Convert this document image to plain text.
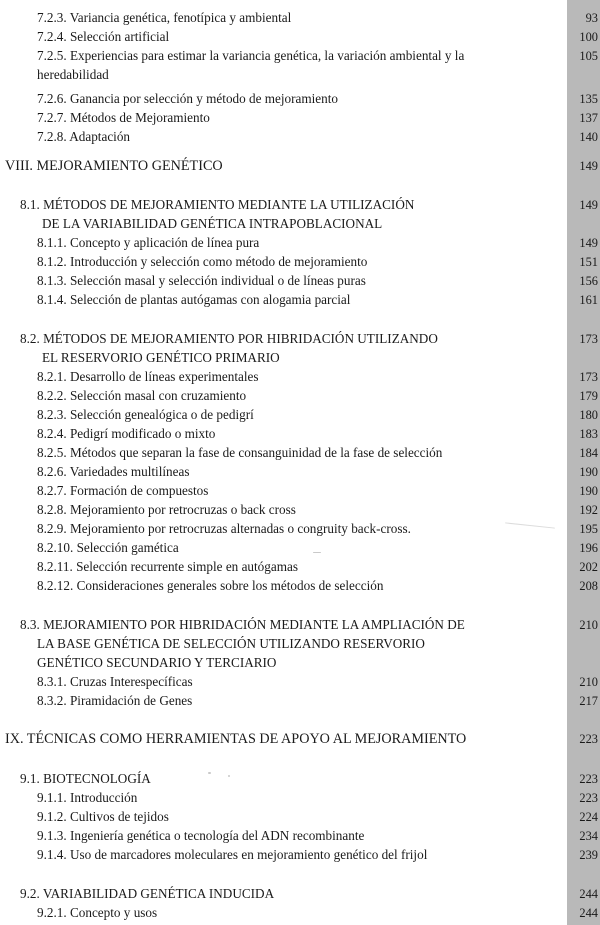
7.2.3. Variancia genética, fenotípica y ambiental	93
7.2.4. Selección artificial	100
7.2.5. Experiencias para estimar la variancia genética, la variación ambiental y la	105
heredabilidad
7.2.6. Ganancia por selección y método de mejoramiento	135
7.2.7. Métodos de Mejoramiento	137
7.2.8. Adaptación	140
VIII. MEJORAMIENTO GENÉTICO	149
8.1. MÉTODOS DE MEJORAMIENTO MEDIANTE LA UTILIZACIÓN	149
DE LA VARIABILIDAD GENÉTICA INTRAPOBLACIONAL
8.1.1. Concepto y aplicación de línea pura	149
8.1.2. Introducción y selección como método de mejoramiento	151
8.1.3. Selección masal y selección individual o de líneas puras	156
8.1.4. Selección de plantas autógamas con alogamia parcial	161
8.2. MÉTODOS DE MEJORAMIENTO POR HIBRIDACIÓN UTILIZANDO	173
EL RESERVORIO GENÉTICO PRIMARIO
8.2.1. Desarrollo de líneas experimentales	173
8.2.2. Selección masal con cruzamiento	179
8.2.3. Selección genealógica o de pedigrí	180
8.2.4. Pedigrí modificado o mixto	183
8.2.5. Métodos que separan la fase de consanguinidad de la fase de selección	184
8.2.6. Variedades multilíneas	190
8.2.7. Formación de compuestos	190
8.2.8. Mejoramiento por retrocruzas o back cross	192
8.2.9. Mejoramiento por retrocruzas alternadas o congruity back-cross.	195
8.2.10. Selección gamética	196
8.2.11. Selección recurrente simple en autógamas	202
8.2.12. Consideraciones generales sobre los métodos de selección	208
8.3. MEJORAMIENTO POR HIBRIDACIÓN MEDIANTE LA AMPLIACIÓN DE	210
LA BASE GENÉTICA DE SELECCIÓN UTILIZANDO RESERVORIO
GENÉTICO SECUNDARIO Y TERCIARIO
8.3.1. Cruzas Interespecíficas	210
8.3.2. Piramidación de Genes	217
IX. TÉCNICAS COMO HERRAMIENTAS DE APOYO AL MEJORAMIENTO	223
9.1. BIOTECNOLOGÍA	223
9.1.1. Introducción	223
9.1.2. Cultivos de tejidos	224
9.1.3. Ingeniería genética o tecnología del ADN recombinante	234
9.1.4. Uso de marcadores moleculares en mejoramiento genético del frijol	239
9.2. VARIABILIDAD GENÉTICA INDUCIDA	244
9.2.1. Concepto y usos	244
